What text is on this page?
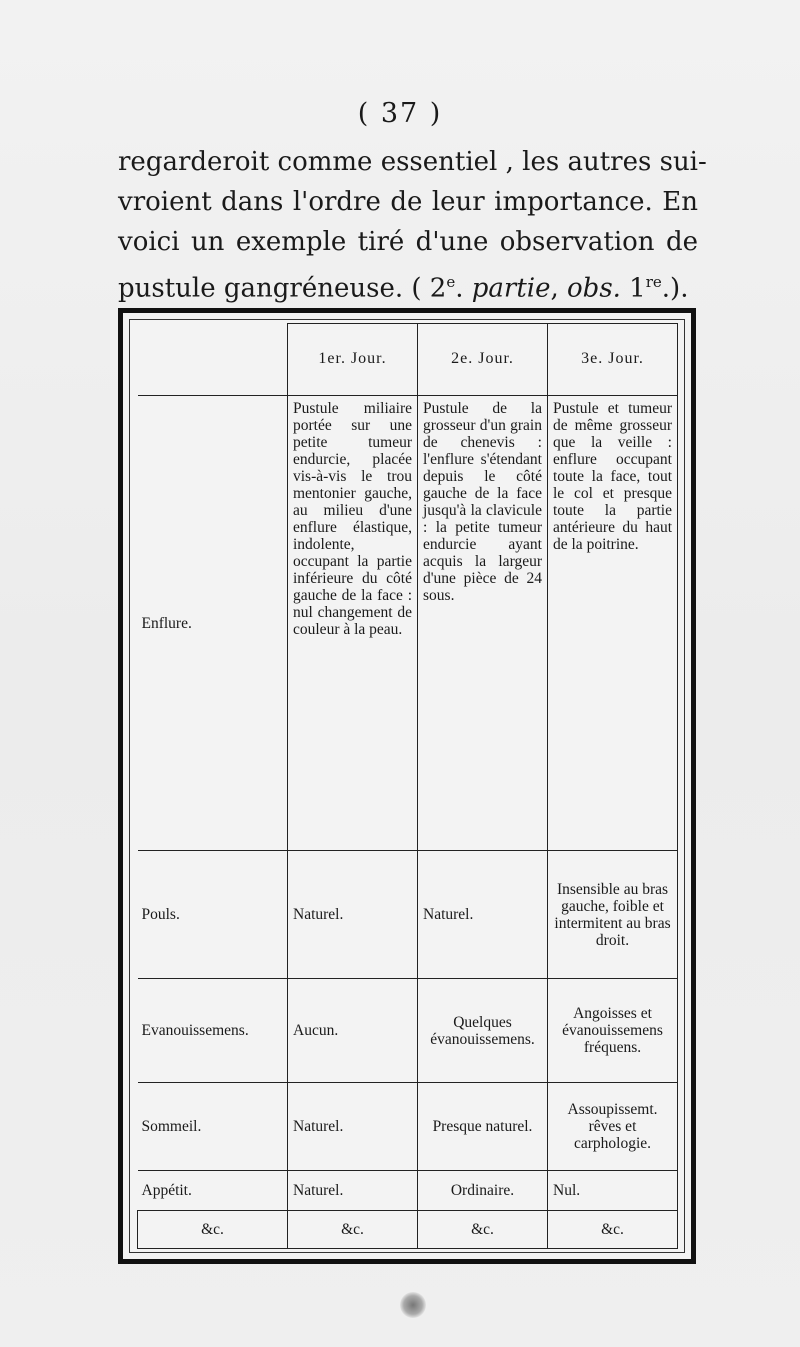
( 37 )
regarderoit comme essentiel , les autres sui-
vroient dans l'ordre de leur importance. En
voici un exemple tiré d'une observation de
pustule gangréneuse. ( 2e. partie, obs. 1re.).
	1er. Jour.	2e. Jour.	3e. Jour.
Enflure.	Pustule miliaire portée sur une petite tumeur endurcie, placée vis-à-vis le trou mentonier gauche, au milieu d'une enflure élastique, indolente, occupant la partie inférieure du côté gauche de la face : nul changement de couleur à la peau.	Pustule de la grosseur d'un grain de chenevis : l'enflure s'étendant depuis le côté gauche de la face jusqu'à la clavicule : la petite tumeur endurcie ayant acquis la largeur d'une pièce de 24 sous.	Pustule et tumeur de même grosseur que la veille : enflure occupant toute la face, tout le col et presque toute la partie antérieure du haut de la poitrine.
Pouls.	Naturel.	Naturel.	Insensible au bras gauche, foible et intermitent au bras droit.
Evanouissemens.	Aucun.	Quelques évanouissemens.	Angoisses et évanouissemens fréquens.
Sommeil.	Naturel.	Presque naturel.	Assoupissemt. rêves et carphologie.
Appétit.	Naturel.	Ordinaire.	Nul.
&c.	&c.	&c.	&c.
